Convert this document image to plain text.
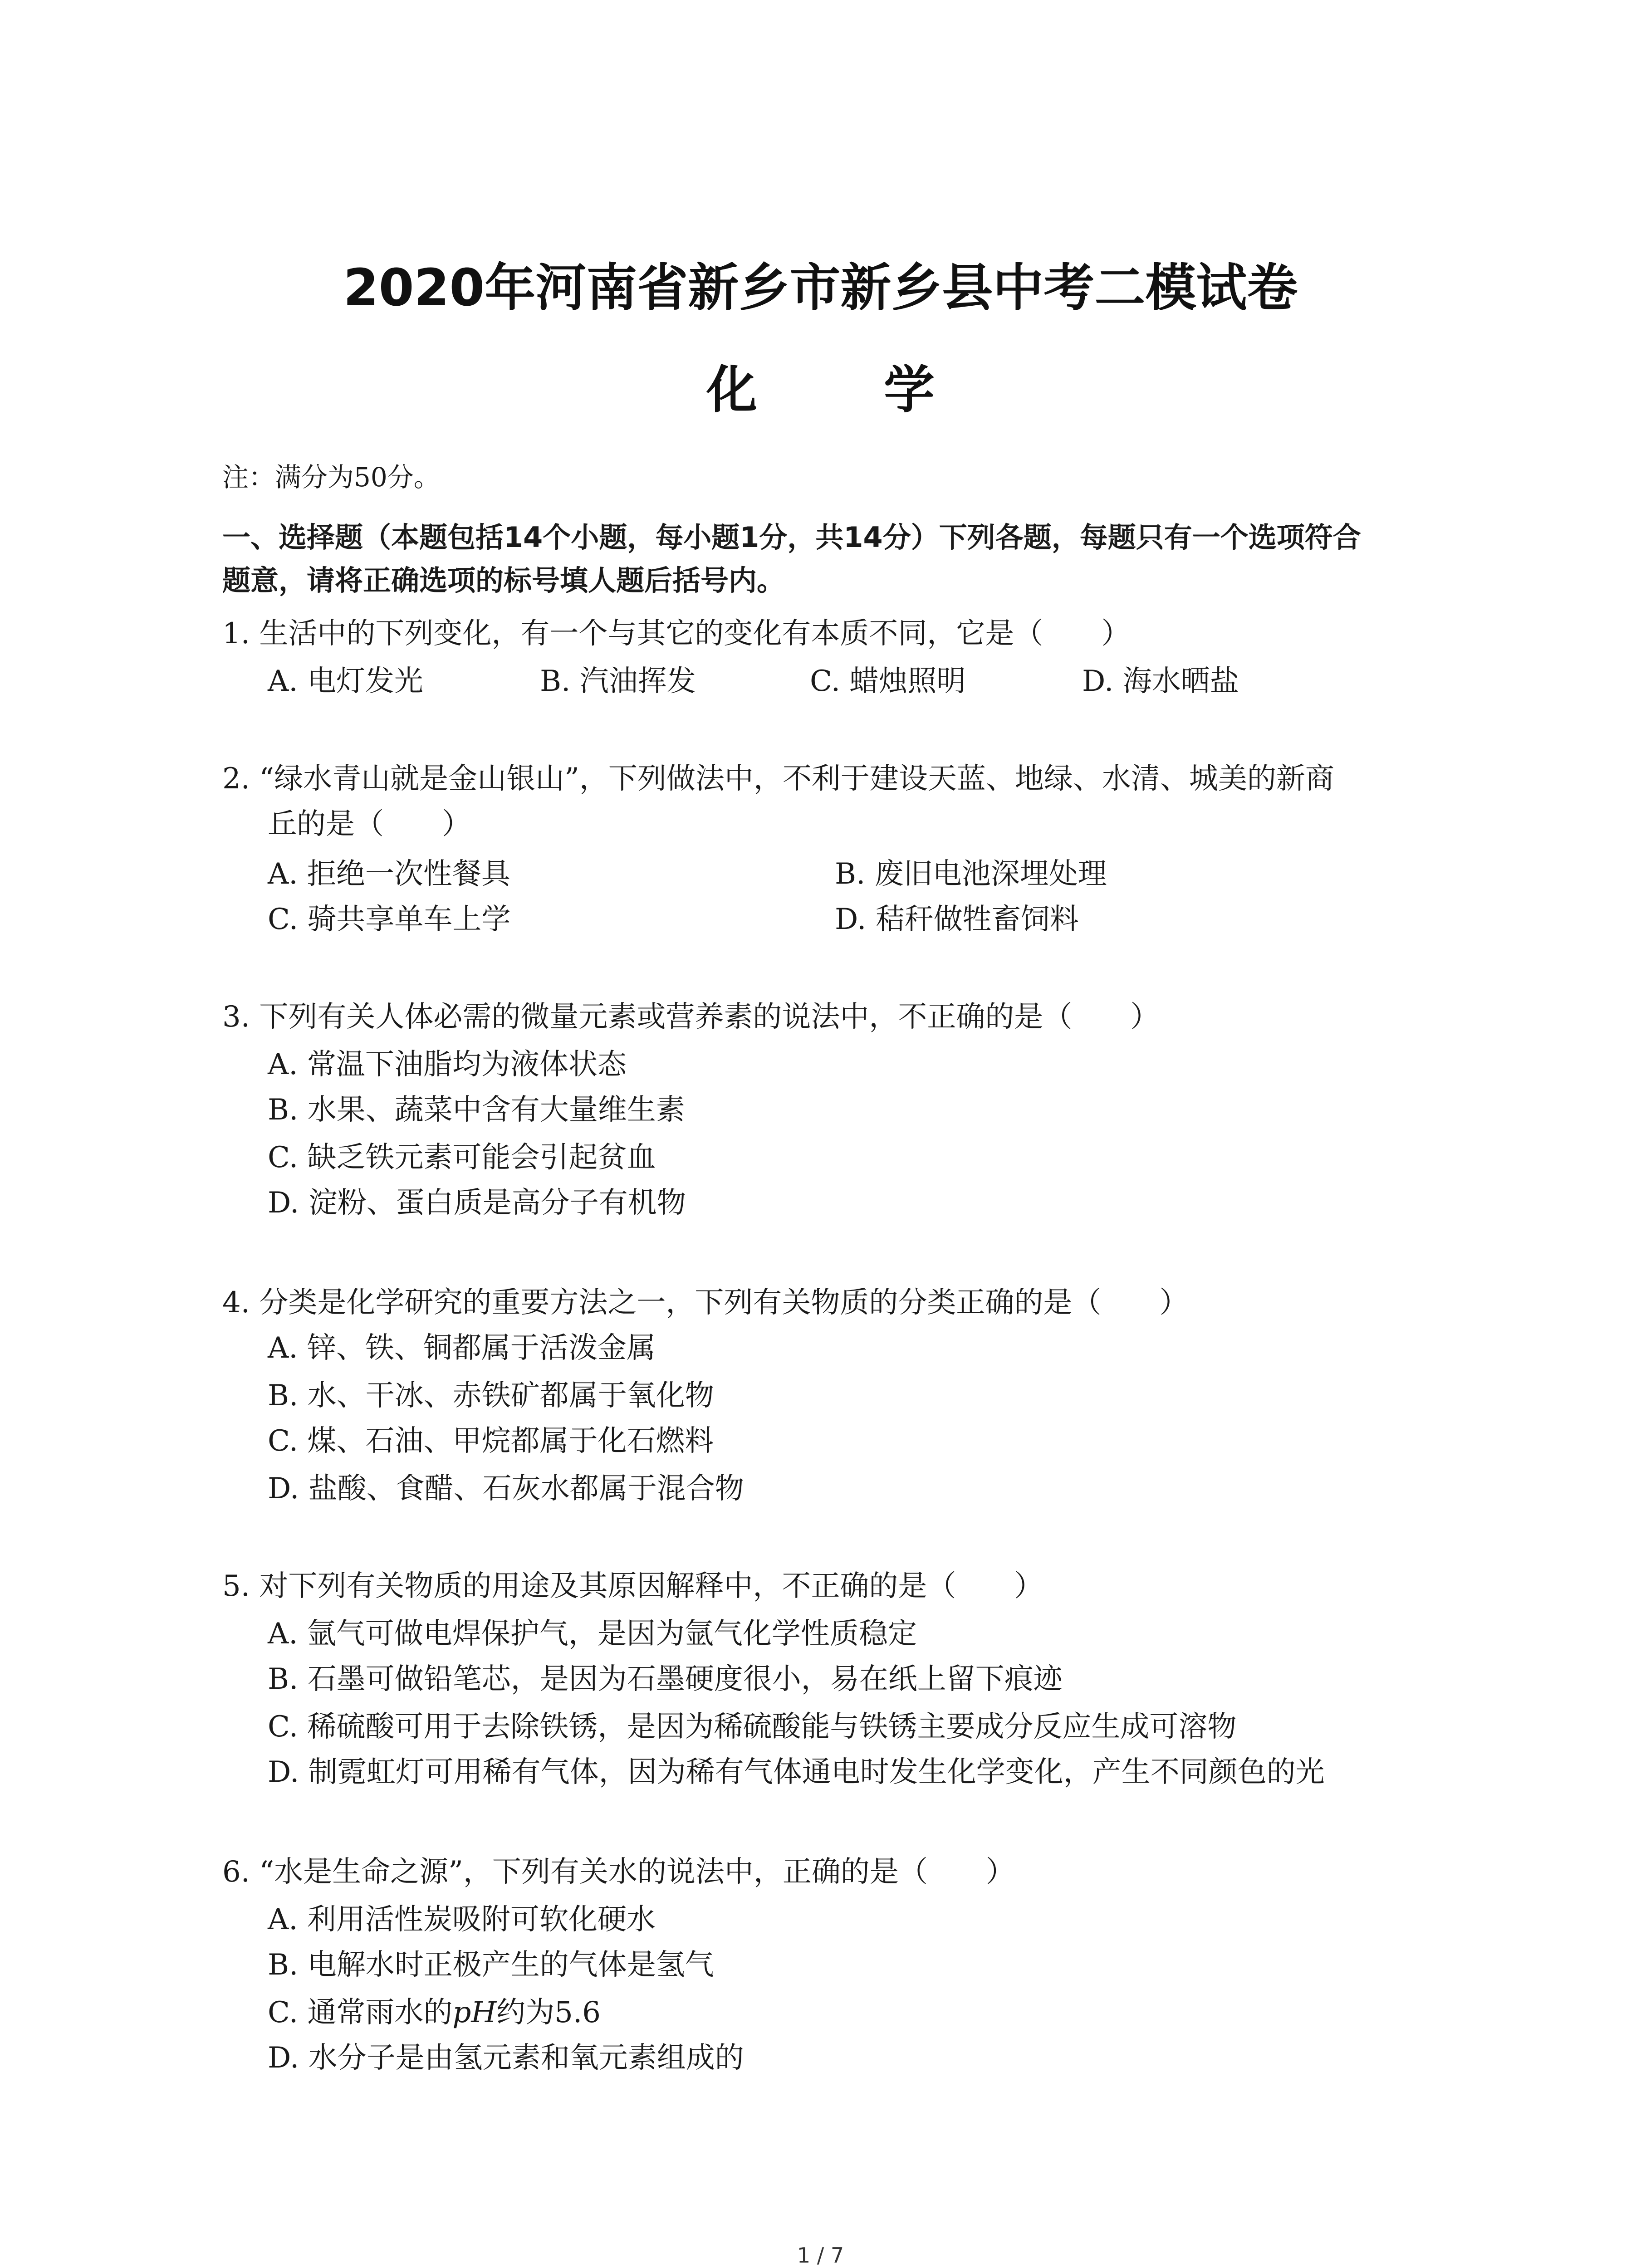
2020年河南省新乡市新乡县中考二模试卷
化 学
注：满分为50分。
一、选择题（本题包括14个小题，每小题1分，共14分）下列各题，每题只有一个选项符合
题意，请将正确选项的标号填人题后括号内。
1. 生活中的下列变化，有一个与其它的变化有本质不同，它是（　　）
A. 电灯发光	B. 汽油挥发	C. 蜡烛照明	D. 海水晒盐
2. “绿水青山就是金山银山”，下列做法中，不利于建设天蓝、地绿、水清、城美的新商
丘的是（　　）
A. 拒绝一次性餐具	B. 废旧电池深埋处理
C. 骑共享单车上学	D. 秸秆做牲畜饲料
3. 下列有关人体必需的微量元素或营养素的说法中，不正确的是（　　）
A. 常温下油脂均为液体状态
B. 水果、蔬菜中含有大量维生素
C. 缺乏铁元素可能会引起贫血
D. 淀粉、蛋白质是高分子有机物
4. 分类是化学研究的重要方法之一，下列有关物质的分类正确的是（　　）
A. 锌、铁、铜都属于活泼金属
B. 水、干冰、赤铁矿都属于氧化物
C. 煤、石油、甲烷都属于化石燃料
D. 盐酸、食醋、石灰水都属于混合物
5. 对下列有关物质的用途及其原因解释中，不正确的是（　　）
A. 氩气可做电焊保护气，是因为氩气化学性质稳定
B. 石墨可做铅笔芯，是因为石墨硬度很小，易在纸上留下痕迹
C. 稀硫酸可用于去除铁锈，是因为稀硫酸能与铁锈主要成分反应生成可溶物
D. 制霓虹灯可用稀有气体，因为稀有气体通电时发生化学变化，产生不同颜色的光
6. “水是生命之源”，下列有关水的说法中，正确的是（　　）
A. 利用活性炭吸附可软化硬水
B. 电解水时正极产生的气体是氢气
C. 通常雨水的pH约为5.6
D. 水分子是由氢元素和氧元素组成的
1 / 7
